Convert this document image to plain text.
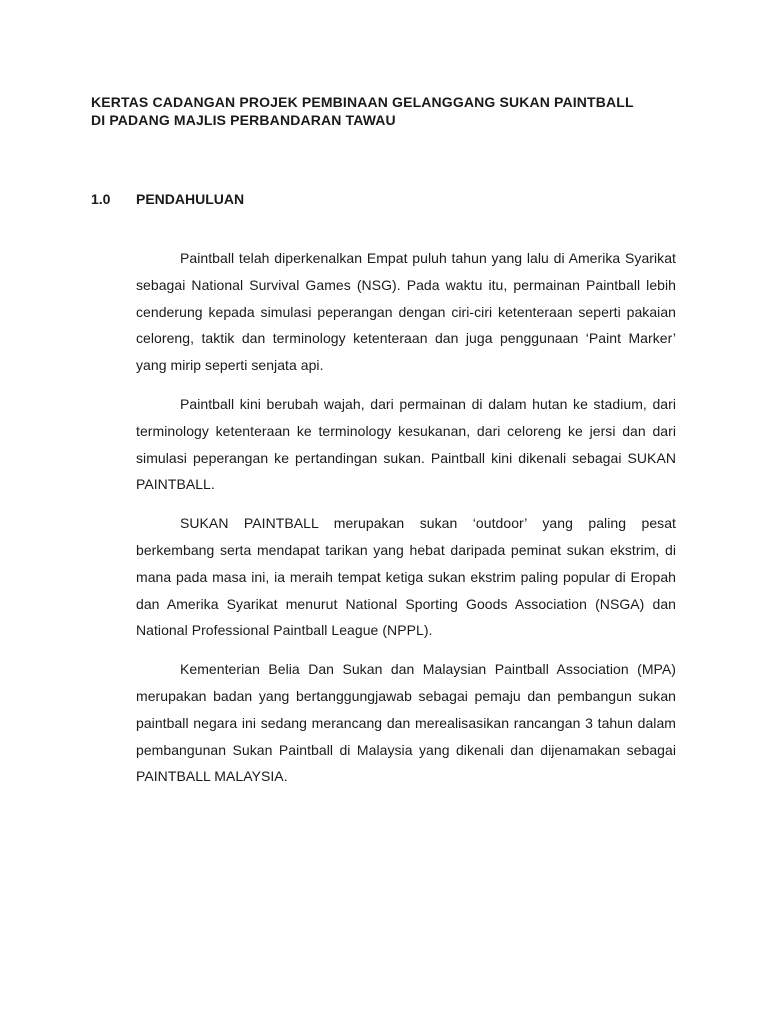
KERTAS CADANGAN PROJEK PEMBINAAN GELANGGANG SUKAN PAINTBALL
DI PADANG MAJLIS PERBANDARAN TAWAU
1.0 PENDAHULUAN

Paintball telah diperkenalkan Empat puluh tahun yang lalu di Amerika Syarikat sebagai National Survival Games (NSG). Pada waktu itu, permainan Paintball lebih cenderung kepada simulasi peperangan dengan ciri-ciri ketenteraan seperti pakaian celoreng, taktik dan terminology ketenteraan dan juga penggunaan ‘Paint Marker’ yang mirip seperti senjata api.

Paintball kini berubah wajah, dari permainan di dalam hutan ke stadium, dari terminology ketenteraan ke terminology kesukanan, dari celoreng ke jersi dan dari simulasi peperangan ke pertandingan sukan. Paintball kini dikenali sebagai SUKAN PAINTBALL.

SUKAN PAINTBALL merupakan sukan ‘outdoor’ yang paling pesat berkembang serta mendapat tarikan yang hebat daripada peminat sukan ekstrim, di mana pada masa ini, ia meraih tempat ketiga sukan ekstrim paling popular di Eropah dan Amerika Syarikat menurut National Sporting Goods Association (NSGA) dan National Professional Paintball League (NPPL).

Kementerian Belia Dan Sukan dan Malaysian Paintball Association (MPA) merupakan badan yang bertanggungjawab sebagai pemaju dan pembangun sukan paintball negara ini sedang merancang dan merealisasikan rancangan 3 tahun dalam pembangunan Sukan Paintball di Malaysia yang dikenali dan dijenamakan sebagai PAINTBALL MALAYSIA.
